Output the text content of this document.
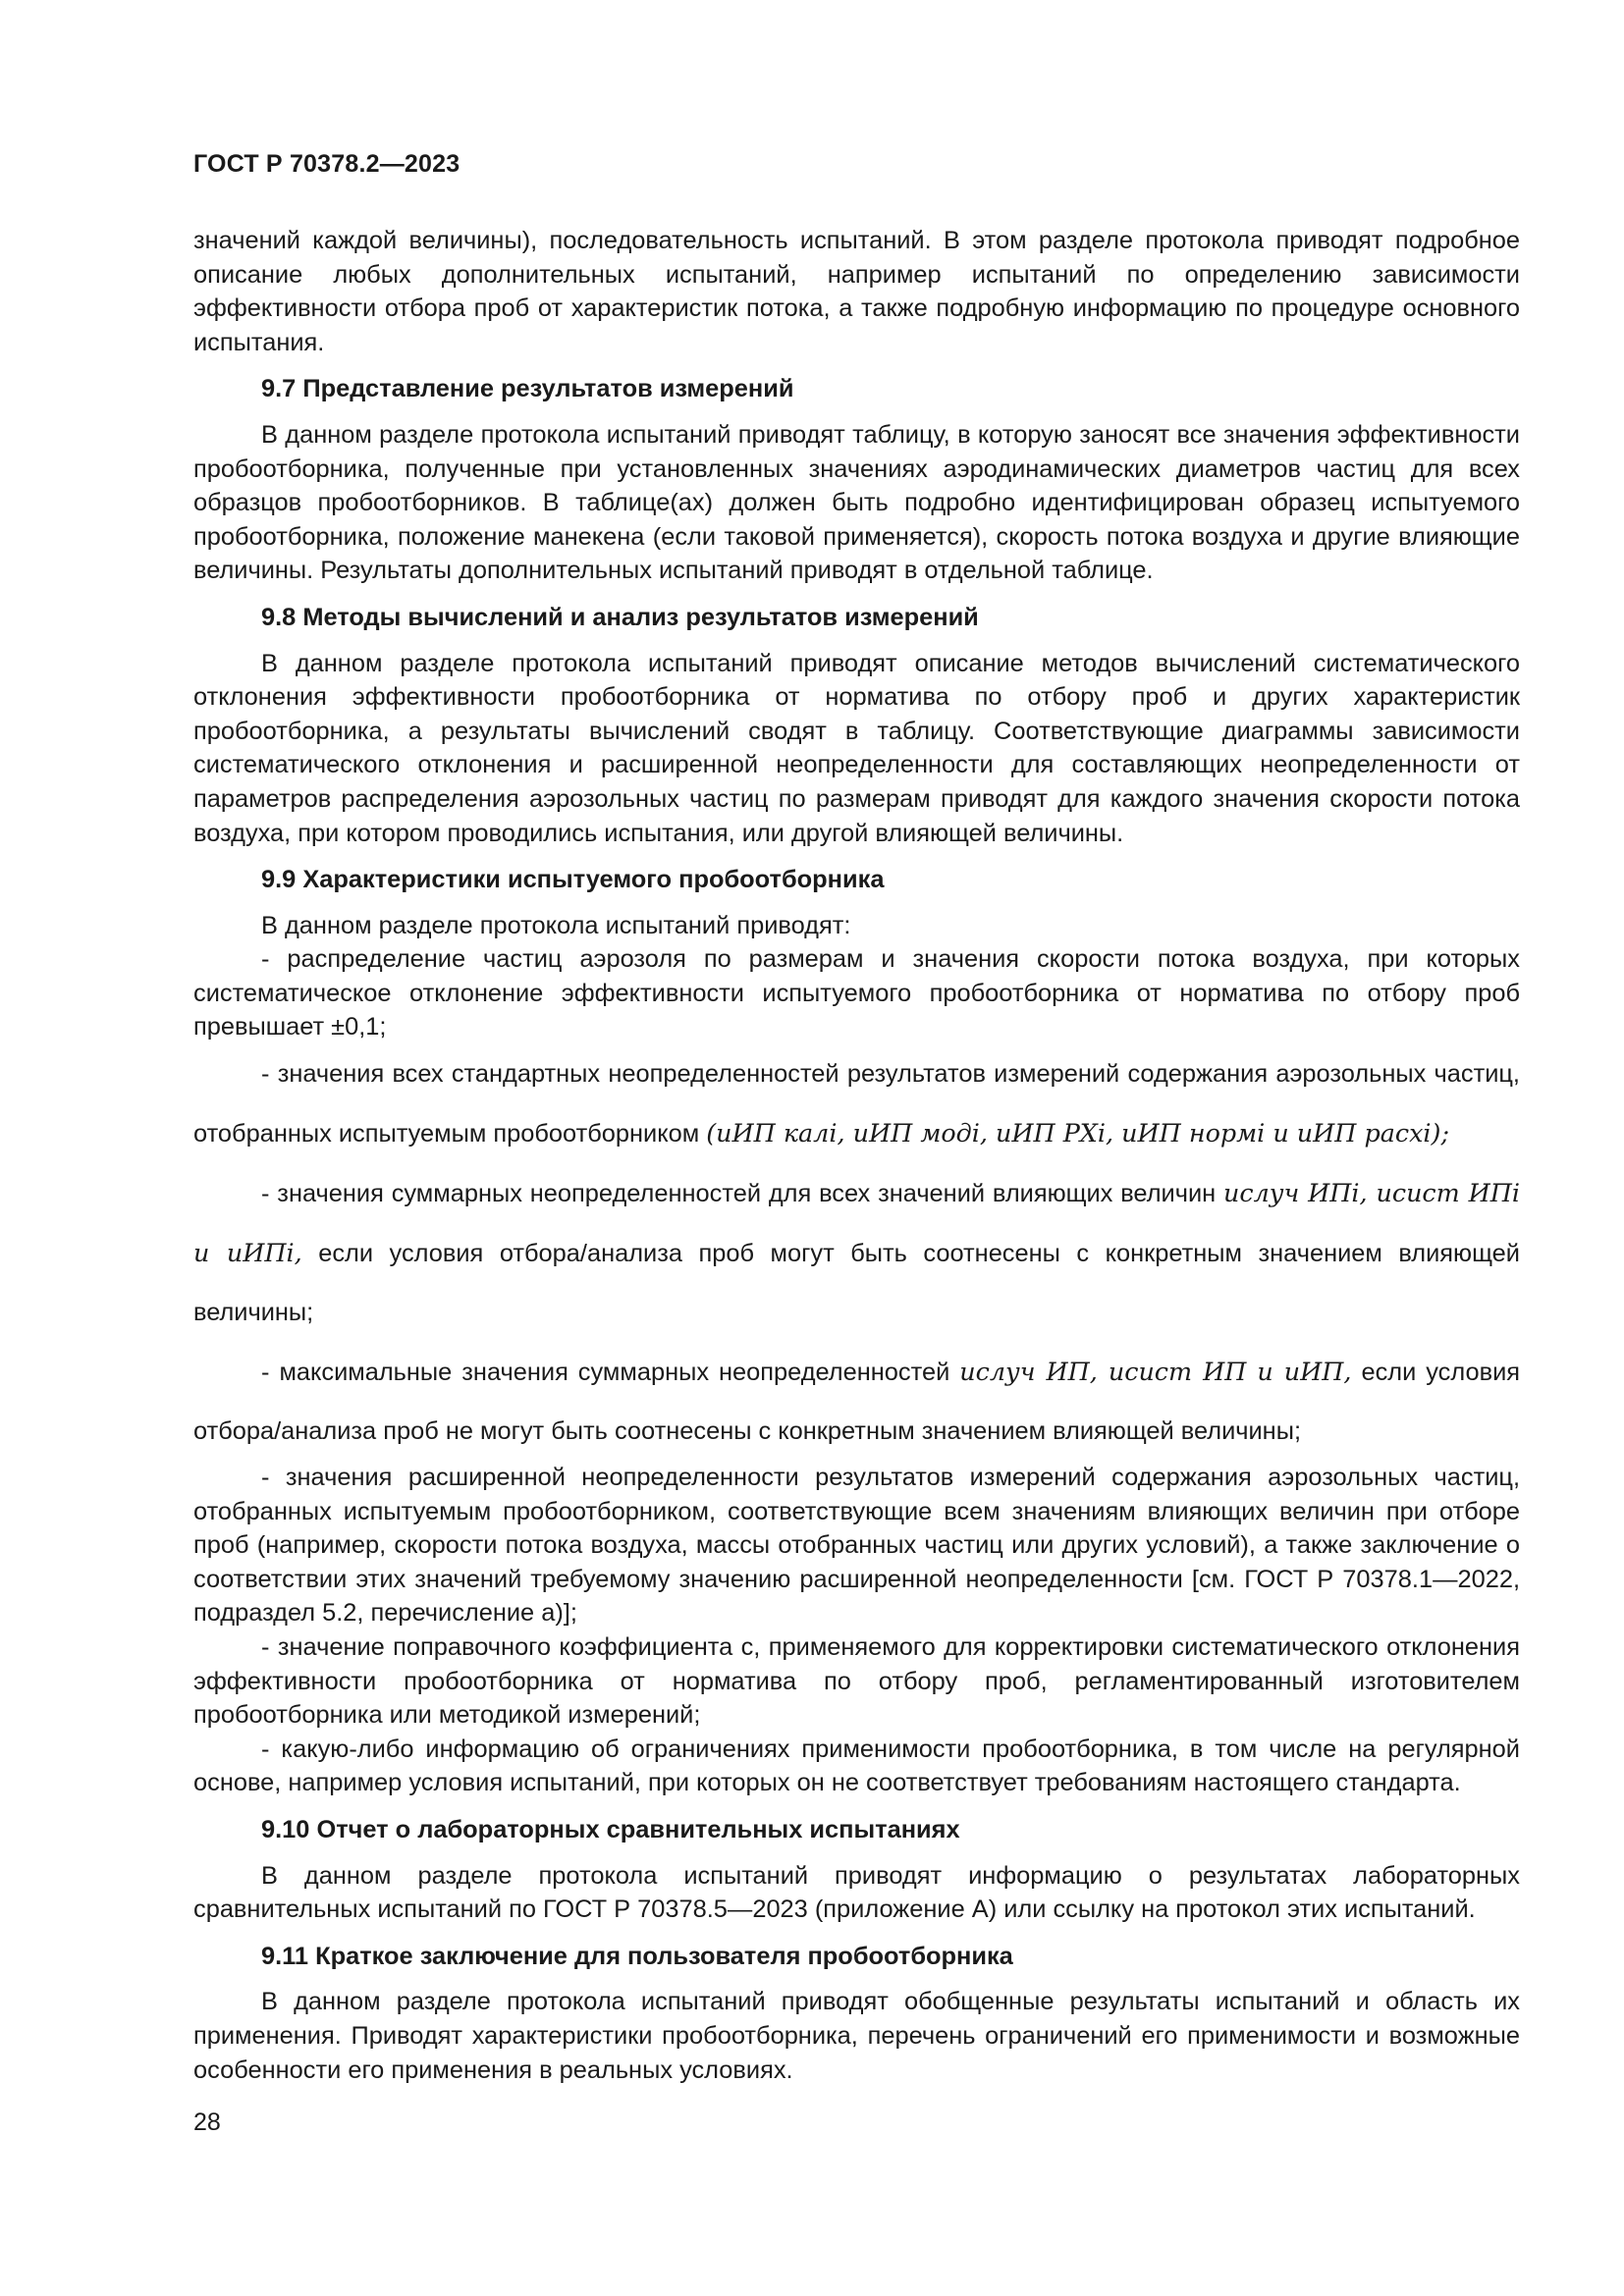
ГОСТ Р 70378.2—2023

значений каждой величины), последовательность испытаний. В этом разделе протокола приводят подробное описание любых дополнительных испытаний, например испытаний по определению зависимости эффективности отбора проб от характеристик потока, а также подробную информацию по процедуре основного испытания.

9.7 Представление результатов измерений

В данном разделе протокола испытаний приводят таблицу, в которую заносят все значения эффективности пробоотборника, полученные при установленных значениях аэродинамических диаметров частиц для всех образцов пробоотборников. В таблице(ах) должен быть подробно идентифицирован образец испытуемого пробоотборника, положение манекена (если таковой применяется), скорость потока воздуха и другие влияющие величины. Результаты дополнительных испытаний приводят в отдельной таблице.

9.8 Методы вычислений и анализ результатов измерений

В данном разделе протокола испытаний приводят описание методов вычислений систематического отклонения эффективности пробоотборника от норматива по отбору проб и других характеристик пробоотборника, а результаты вычислений сводят в таблицу. Соответствующие диаграммы зависимости систематического отклонения и расширенной неопределенности для составляющих неопределенности от параметров распределения аэрозольных частиц по размерам приводят для каждого значения скорости потока воздуха, при котором проводились испытания, или другой влияющей величины.

9.9 Характеристики испытуемого пробоотборника

В данном разделе протокола испытаний приводят:

- распределение частиц аэрозоля по размерам и значения скорости потока воздуха, при которых систематическое отклонение эффективности испытуемого пробоотборника от норматива по отбору проб превышает ±0,1;

- значения всех стандартных неопределенностей результатов измерений содержания аэрозольных частиц, отобранных испытуемым пробоотборником (uИП калi, uИП модi, uИП РХi, uИП нормi и uИП расхi);

- значения суммарных неопределенностей для всех значений влияющих величин uслуч ИПi, uсист ИПi и uИПi, если условия отбора/анализа проб могут быть соотнесены с конкретным значением влияющей величины;

- максимальные значения суммарных неопределенностей uслуч ИП, uсист ИП и uИП, если условия отбора/анализа проб не могут быть соотнесены с конкретным значением влияющей величины;

- значения расширенной неопределенности результатов измерений содержания аэрозольных частиц, отобранных испытуемым пробоотборником, соответствующие всем значениям влияющих величин при отборе проб (например, скорости потока воздуха, массы отобранных частиц или других условий), а также заключение о соответствии этих значений требуемому значению расширенной неопределенности [см. ГОСТ Р 70378.1—2022, подраздел 5.2, перечисление а)];

- значение поправочного коэффициента c, применяемого для корректировки систематического отклонения эффективности пробоотборника от норматива по отбору проб, регламентированный изготовителем пробоотборника или методикой измерений;

- какую-либо информацию об ограничениях применимости пробоотборника, в том числе на регулярной основе, например условия испытаний, при которых он не соответствует требованиям настоящего стандарта.

9.10 Отчет о лабораторных сравнительных испытаниях

В данном разделе протокола испытаний приводят информацию о результатах лабораторных сравнительных испытаний по ГОСТ Р 70378.5—2023 (приложение А) или ссылку на протокол этих испытаний.

9.11 Краткое заключение для пользователя пробоотборника

В данном разделе протокола испытаний приводят обобщенные результаты испытаний и область их применения. Приводят характеристики пробоотборника, перечень ограничений его применимости и возможные особенности его применения в реальных условиях.

28
